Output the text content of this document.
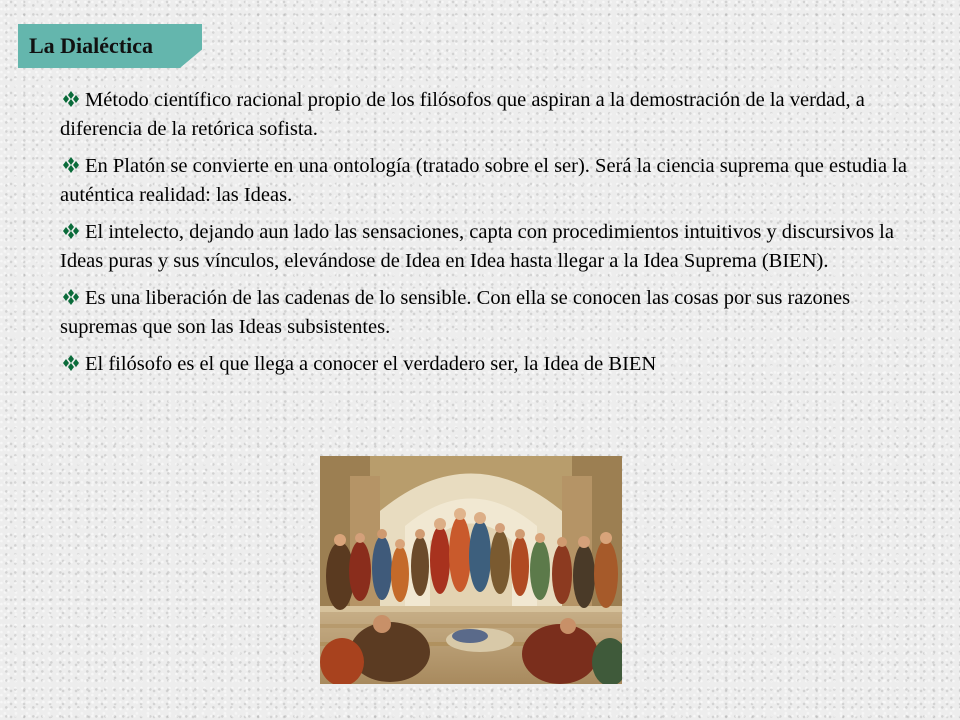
La Dialéctica

Método científico racional propio de los filósofos que aspiran a la demostración de la verdad, a diferencia de la retórica sofista.

En Platón se convierte en una ontología (tratado sobre el ser). Será la ciencia suprema que estudia la auténtica realidad: las Ideas.

El intelecto, dejando aun lado las sensaciones, capta con procedimientos intuitivos y discursivos la Ideas puras y sus vínculos, elevándose de Idea en Idea hasta llegar a la Idea Suprema (BIEN).

Es una liberación de las cadenas de lo sensible. Con ella se conocen las cosas por sus razones supremas que son las Ideas subsistentes.

El filósofo es el que llega a conocer el verdadero ser, la Idea de BIEN
